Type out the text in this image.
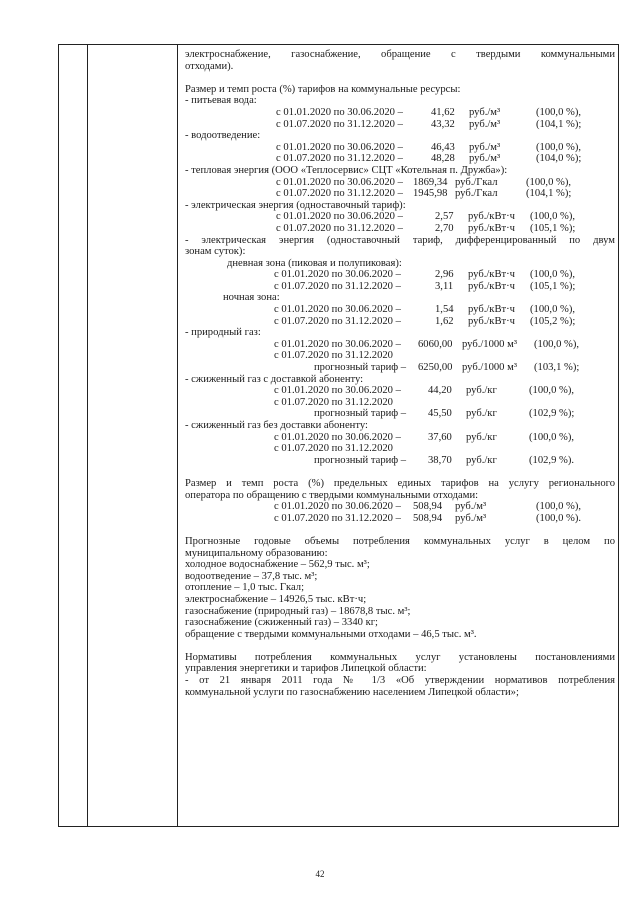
электроснабжение, газоснабжение, обращение с твердыми коммунальными

отходами).

Размер и темп роста (%) тарифов на коммунальные ресурсы:

- питьевая вода:

с 01.01.2020 по 30.06.2020 –	41,62 руб./м³	(100,0 %),
с 01.07.2020 по 31.12.2020 –	43,32 руб./м³	(104,1 %);

- водоотведение:

с 01.01.2020 по 30.06.2020 –	46,43 руб./м³	(100,0 %),
с 01.07.2020 по 31.12.2020 –	48,28 руб./м³	(104,0 %);

- тепловая энергия (ООО «Теплосервис» СЦТ «Котельная п. Дружба»):

с 01.01.2020 по 30.06.2020 – 1869,34 руб./Гкал	(100,0 %),
с 01.07.2020 по 31.12.2020 – 1945,98 руб./Гкал	(104,1 %);

- электрическая энергия (одноставочный тариф):

с 01.01.2020 по 30.06.2020 –	2,57 руб./кВт·ч (100,0 %),
с 01.07.2020 по 31.12.2020 –	2,70 руб./кВт·ч (105,1 %);

- электрическая энергия (одноставочный тариф, дифференцированный по двум

зонам суток):

дневная зона (пиковая и полупиковая):

с 01.01.2020 по 30.06.2020 –	2,96 руб./кВт·ч (100,0 %),
с 01.07.2020 по 31.12.2020 –	3,11 руб./кВт·ч (105,1 %);

ночная зона:

с 01.01.2020 по 30.06.2020 –	1,54 руб./кВт·ч (100,0 %),
с 01.07.2020 по 31.12.2020 –	1,62 руб./кВт·ч (105,2 %);

- природный газ:

с 01.01.2020 по 30.06.2020 – 6060,00 руб./1000 м³ (100,0 %),
с 01.07.2020 по 31.12.2020
прогнозный тариф – 6250,00 руб./1000 м³ (103,1 %);

- сжиженный газ с доставкой абоненту:

с 01.01.2020 по 30.06.2020 –	44,20 руб./кг	(100,0 %),
с 01.07.2020 по 31.12.2020
прогнозный тариф – 45,50 руб./кг	(102,9 %);

- сжиженный газ без доставки абоненту:

с 01.01.2020 по 30.06.2020 –	37,60 руб./кг	(100,0 %),
с 01.07.2020 по 31.12.2020
прогнозный тариф – 38,70 руб./кг	(102,9 %).

Размер и темп роста (%) предельных единых тарифов на услугу регионального

оператора по обращению с твердыми коммунальными отходами:

с 01.01.2020 по 30.06.2020 – 508,94 руб./м³	(100,0 %),
с 01.07.2020 по 31.12.2020 – 508,94 руб./м³	(100,0 %).

Прогнозные годовые объемы потребления коммунальных услуг в целом по

муниципальному образованию:

холодное водоснабжение – 562,9 тыс. м³;

водоотведение – 37,8 тыс. м³;

отопление – 1,0 тыс. Гкал;

электроснабжение – 14926,5 тыс. кВт·ч;

газоснабжение (природный газ) – 18678,8 тыс. м³;

газоснабжение (сжиженный газ) – 3340 кг;

обращение с твердыми коммунальными отходами – 46,5 тыс. м³.

Нормативы потребления коммунальных услуг установлены постановлениями

управления энергетики и тарифов Липецкой области:

- от 21 января 2011 года № 1/3 «Об утверждении нормативов потребления

коммунальной услуги по газоснабжению населением Липецкой области»;

42
